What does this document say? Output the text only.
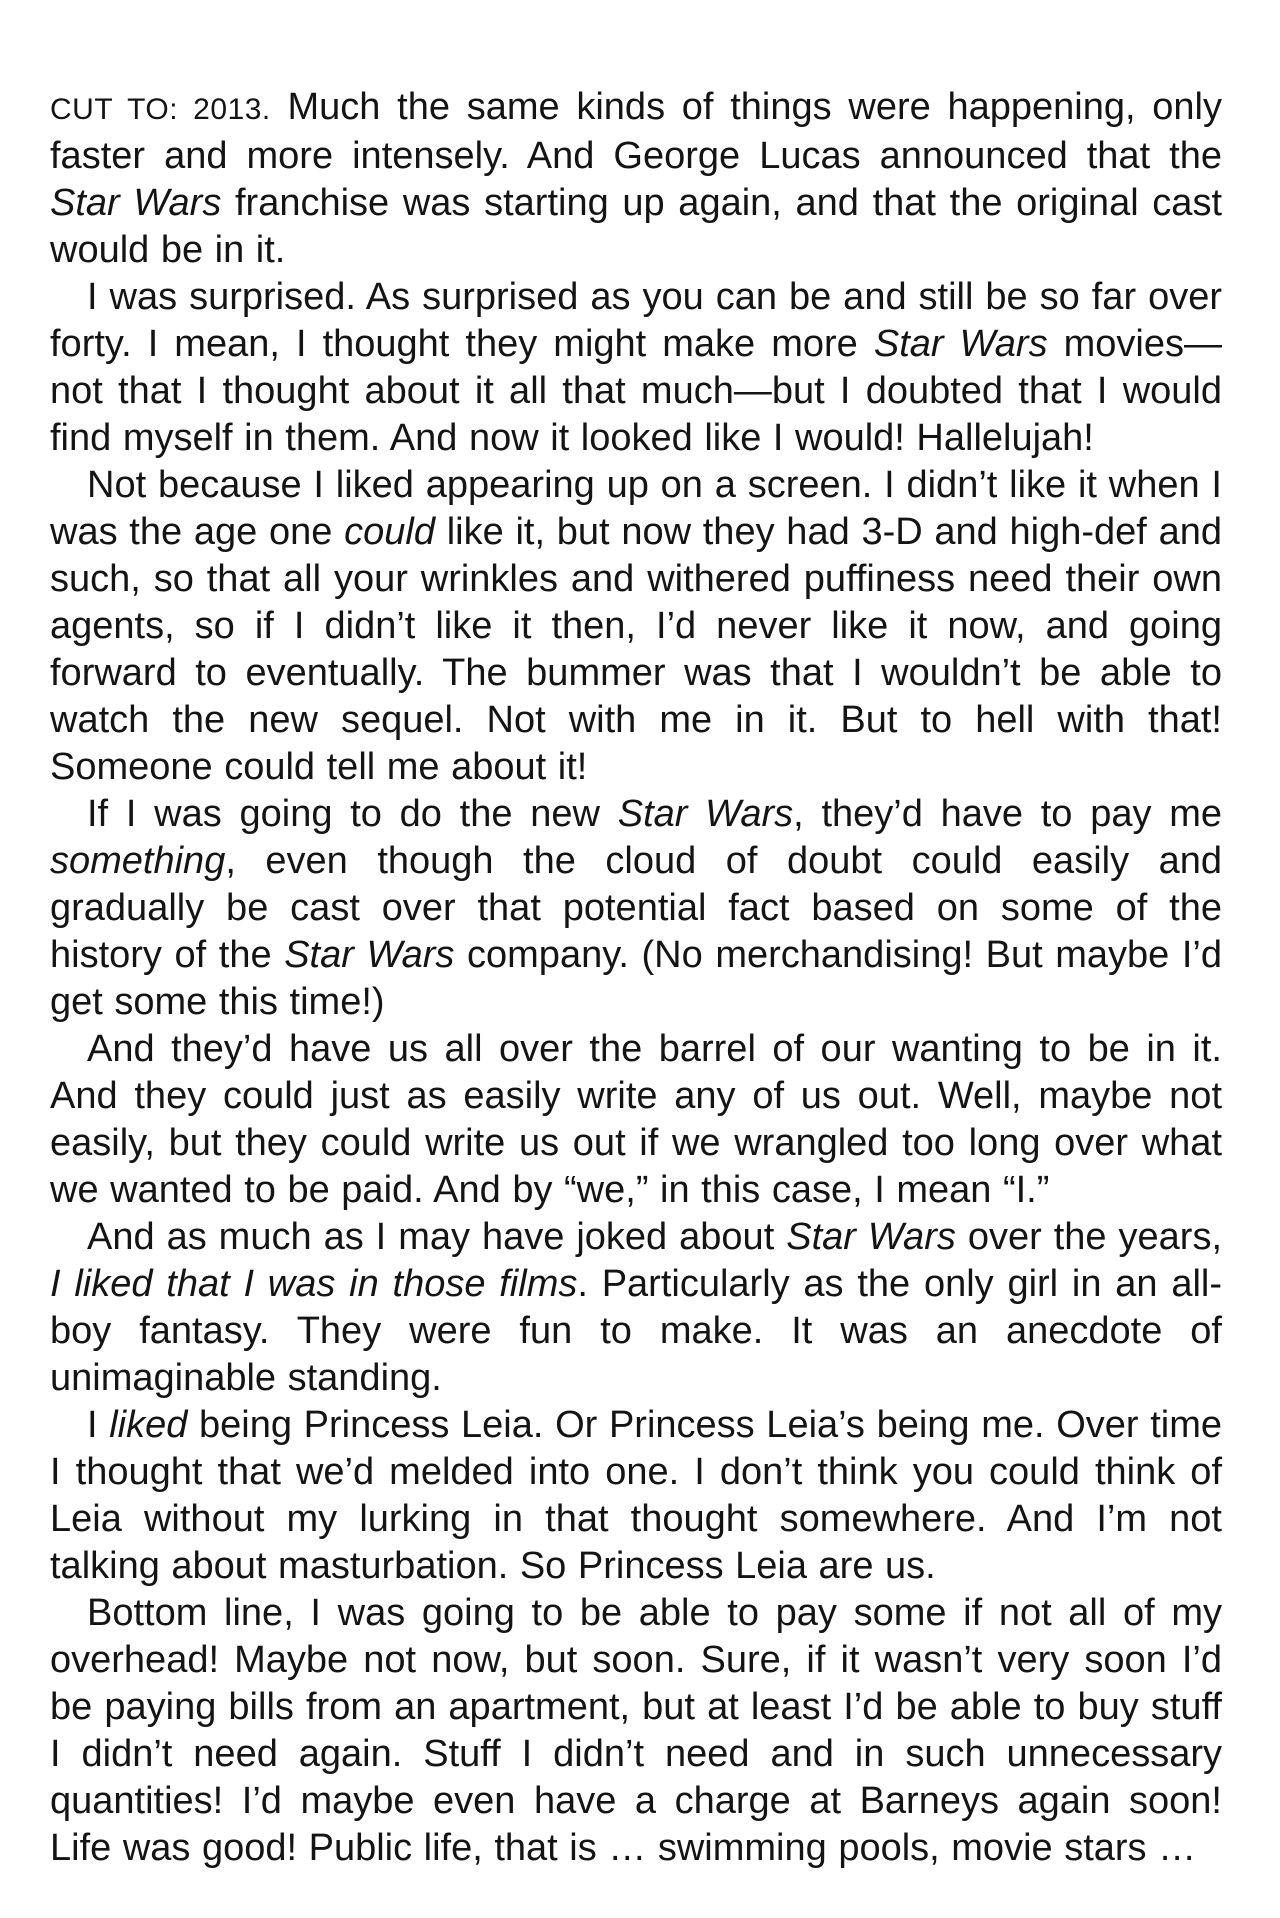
CUT TO: 2013. Much the same kinds of things were happening, only faster and more intensely. And George Lucas announced that the Star Wars franchise was starting up again, and that the original cast would be in it.

I was surprised. As surprised as you can be and still be so far over forty. I mean, I thought they might make more Star Wars movies—not that I thought about it all that much—but I doubted that I would find myself in them. And now it looked like I would! Hallelujah!

Not because I liked appearing up on a screen. I didn’t like it when I was the age one could like it, but now they had 3-D and high-def and such, so that all your wrinkles and withered puffiness need their own agents, so if I didn’t like it then, I’d never like it now, and going forward to eventually. The bummer was that I wouldn’t be able to watch the new sequel. Not with me in it. But to hell with that! Someone could tell me about it!

If I was going to do the new Star Wars, they’d have to pay me something, even though the cloud of doubt could easily and gradually be cast over that potential fact based on some of the history of the Star Wars company. (No merchandising! But maybe I’d get some this time!)

And they’d have us all over the barrel of our wanting to be in it. And they could just as easily write any of us out. Well, maybe not easily, but they could write us out if we wrangled too long over what we wanted to be paid. And by “we,” in this case, I mean “I.”

And as much as I may have joked about Star Wars over the years, I liked that I was in those films. Particularly as the only girl in an all-boy fantasy. They were fun to make. It was an anecdote of unimaginable standing.

I liked being Princess Leia. Or Princess Leia’s being me. Over time I thought that we’d melded into one. I don’t think you could think of Leia without my lurking in that thought somewhere. And I’m not talking about masturbation. So Princess Leia are us.

Bottom line, I was going to be able to pay some if not all of my overhead! Maybe not now, but soon. Sure, if it wasn’t very soon I’d be paying bills from an apartment, but at least I’d be able to buy stuff I didn’t need again. Stuff I didn’t need and in such unnecessary quantities! I’d maybe even have a charge at Barneys again soon! Life was good! Public life, that is … swimming pools, movie stars …
